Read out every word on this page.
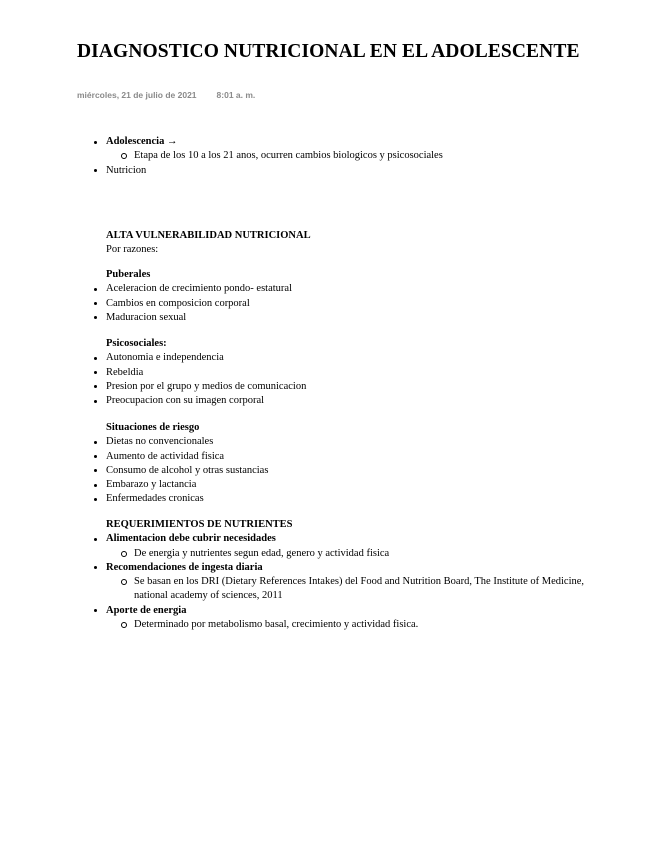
DIAGNOSTICO NUTRICIONAL EN EL ADOLESCENTE
miércoles, 21 de julio de 2021 8:01 a. m.
Adolescencia →
Etapa de los 10 a los 21 anos, ocurren cambios biologicos y psicosociales
Nutricion
ALTA VULNERABILIDAD NUTRICIONAL
Por razones:
Puberales
Aceleracion de crecimiento pondo- estatural
Cambios en composicion corporal
Maduracion sexual
Psicosociales:
Autonomia e independencia
Rebeldia
Presion por el grupo y medios de comunicacion
Preocupacion con su imagen corporal
Situaciones de riesgo
Dietas no convencionales
Aumento de actividad fisica
Consumo de alcohol y otras sustancias
Embarazo y lactancia
Enfermedades cronicas
REQUERIMIENTOS DE NUTRIENTES
Alimentacion debe cubrir necesidades
De energia y nutrientes segun edad, genero y actividad fisica
Recomendaciones de ingesta diaria
Se basan en los DRI (Dietary References Intakes) del Food and Nutrition Board, The Institute of Medicine, national academy of sciences, 2011
Aporte de energia
Determinado por metabolismo basal, crecimiento y actividad fisica.
